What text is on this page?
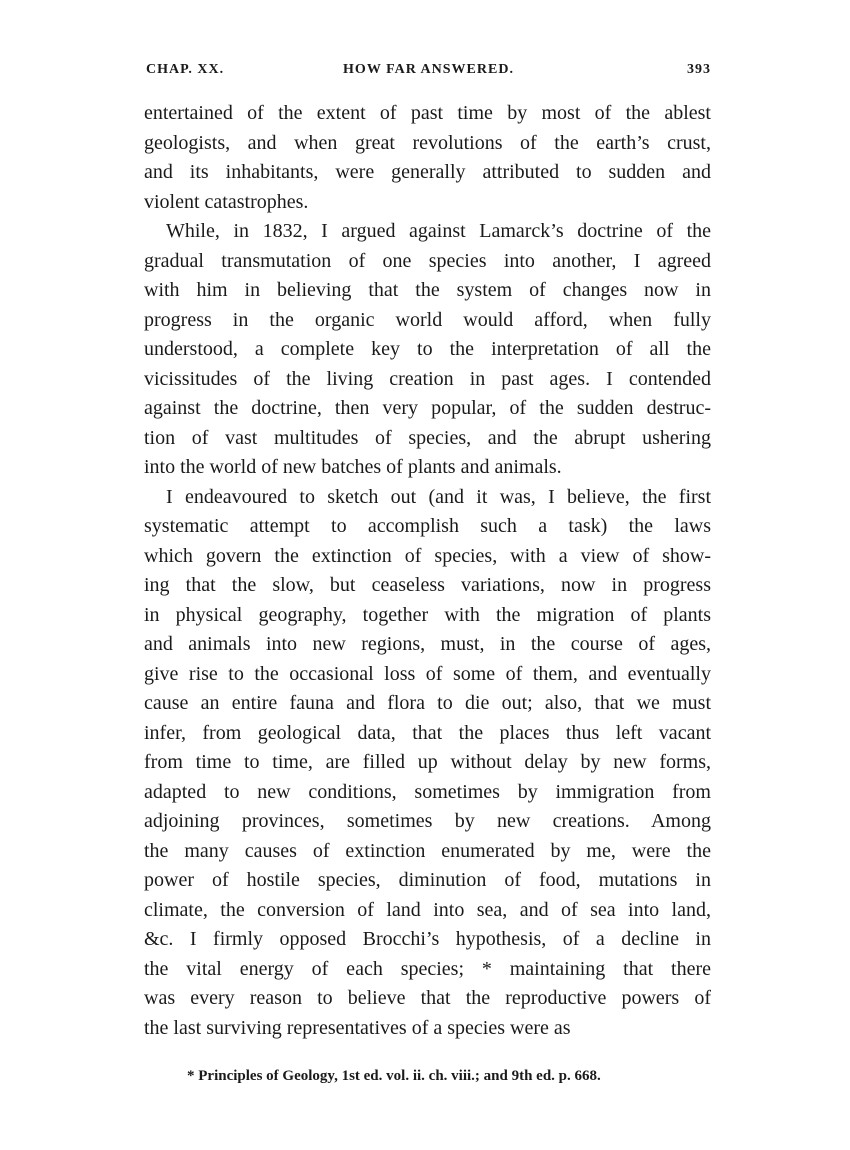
CHAP. XX.	HOW FAR ANSWERED.	393
entertained of the extent of past time by most of the ablest
geologists, and when great revolutions of the earth’s crust,
and its inhabitants, were generally attributed to sudden and
violent catastrophes.
While, in 1832, I argued against Lamarck’s doctrine of the
gradual transmutation of one species into another, I agreed
with him in believing that the system of changes now in
progress in the organic world would afford, when fully
understood, a complete key to the interpretation of all the
vicissitudes of the living creation in past ages. I contended
against the doctrine, then very popular, of the sudden destruc-
tion of vast multitudes of species, and the abrupt ushering
into the world of new batches of plants and animals.
I endeavoured to sketch out (and it was, I believe, the first
systematic attempt to accomplish such a task) the laws
which govern the extinction of species, with a view of show-
ing that the slow, but ceaseless variations, now in progress
in physical geography, together with the migration of plants
and animals into new regions, must, in the course of ages,
give rise to the occasional loss of some of them, and eventually
cause an entire fauna and flora to die out; also, that we must
infer, from geological data, that the places thus left vacant
from time to time, are filled up without delay by new forms,
adapted to new conditions, sometimes by immigration from
adjoining provinces, sometimes by new creations. Among
the many causes of extinction enumerated by me, were the
power of hostile species, diminution of food, mutations in
climate, the conversion of land into sea, and of sea into land,
&c. I firmly opposed Brocchi’s hypothesis, of a decline in
the vital energy of each species; * maintaining that there
was every reason to believe that the reproductive powers of
the last surviving representatives of a species were as
* Principles of Geology, 1st ed. vol. ii. ch. viii.; and 9th ed. p. 668.
